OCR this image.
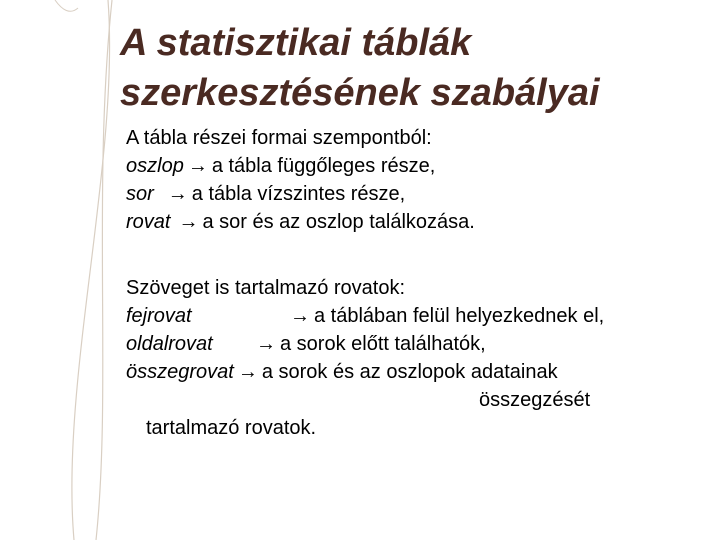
A statisztikai táblák
szerkesztésének szabályai
A tábla részei formai szempontból:
oszlop → a tábla függőleges része,
sor → a tábla vízszintes része,
rovat → a sor és az oszlop találkozása.
Szöveget is tartalmazó rovatok:
fejrovat	→ a táblában felül helyezkednek el,
oldalrovat → a sorok előtt találhatók,
összegrovat → a sorok és az oszlopok adatainak
összegzését
tartalmazó rovatok.
